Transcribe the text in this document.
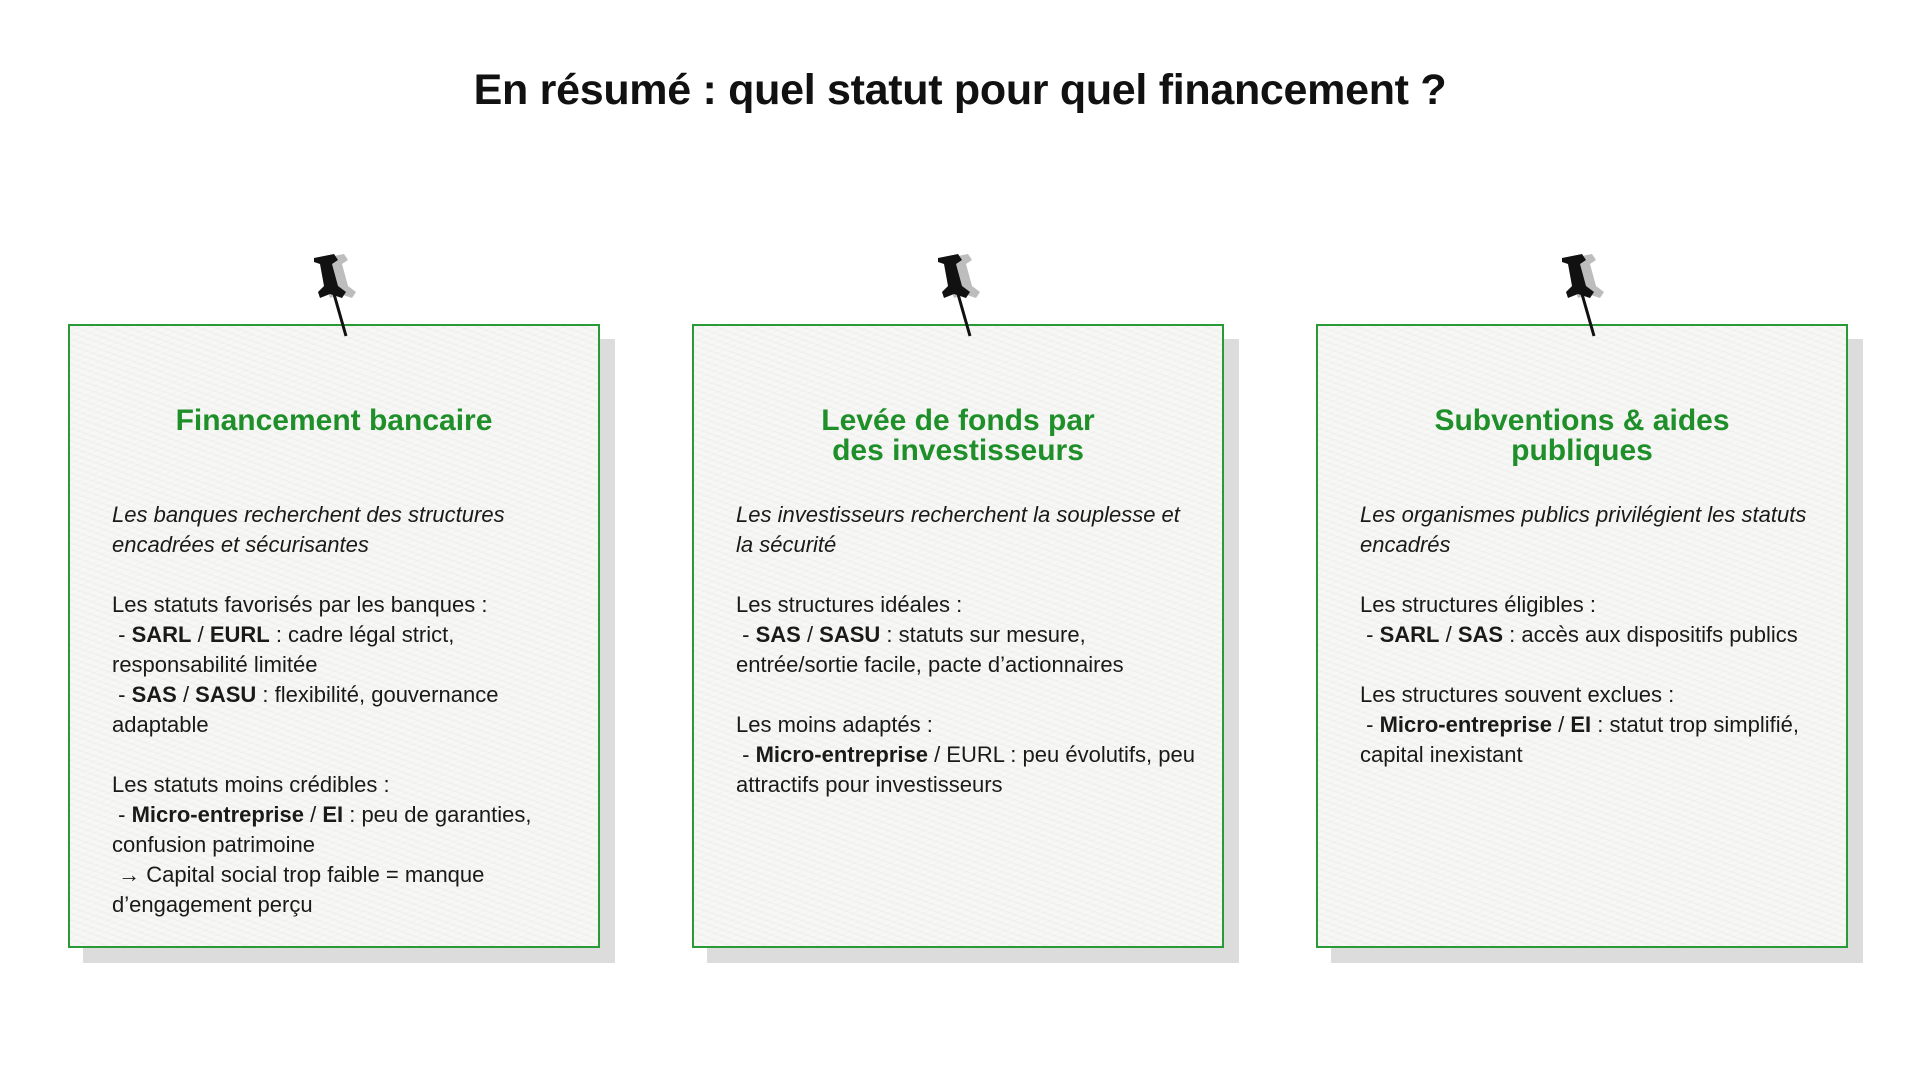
En résumé : quel statut pour quel financement ?
Financement bancaire

Les banques recherchent des structures encadrées et sécurisantes

Les statuts favorisés par les banques :

- SARL / EURL : cadre légal strict, responsabilité limitée

- SAS / SASU : flexibilité, gouvernance adaptable

Les statuts moins crédibles :

- Micro-entreprise / EI : peu de garanties, confusion patrimoine

→ Capital social trop faible = manque d’engagement perçu

Levée de fonds par
des investisseurs

Les investisseurs recherchent la souplesse et la sécurité

Les structures idéales :

- SAS / SASU : statuts sur mesure, entrée/sortie facile, pacte d’actionnaires

Les moins adaptés :

- Micro-entreprise / EURL : peu évolutifs, peu attractifs pour investisseurs

Subventions & aides
publiques

Les organismes publics privilégient les statuts encadrés

Les structures éligibles :

- SARL / SAS : accès aux dispositifs publics

Les structures souvent exclues :

- Micro-entreprise / EI : statut trop simplifié, capital inexistant
